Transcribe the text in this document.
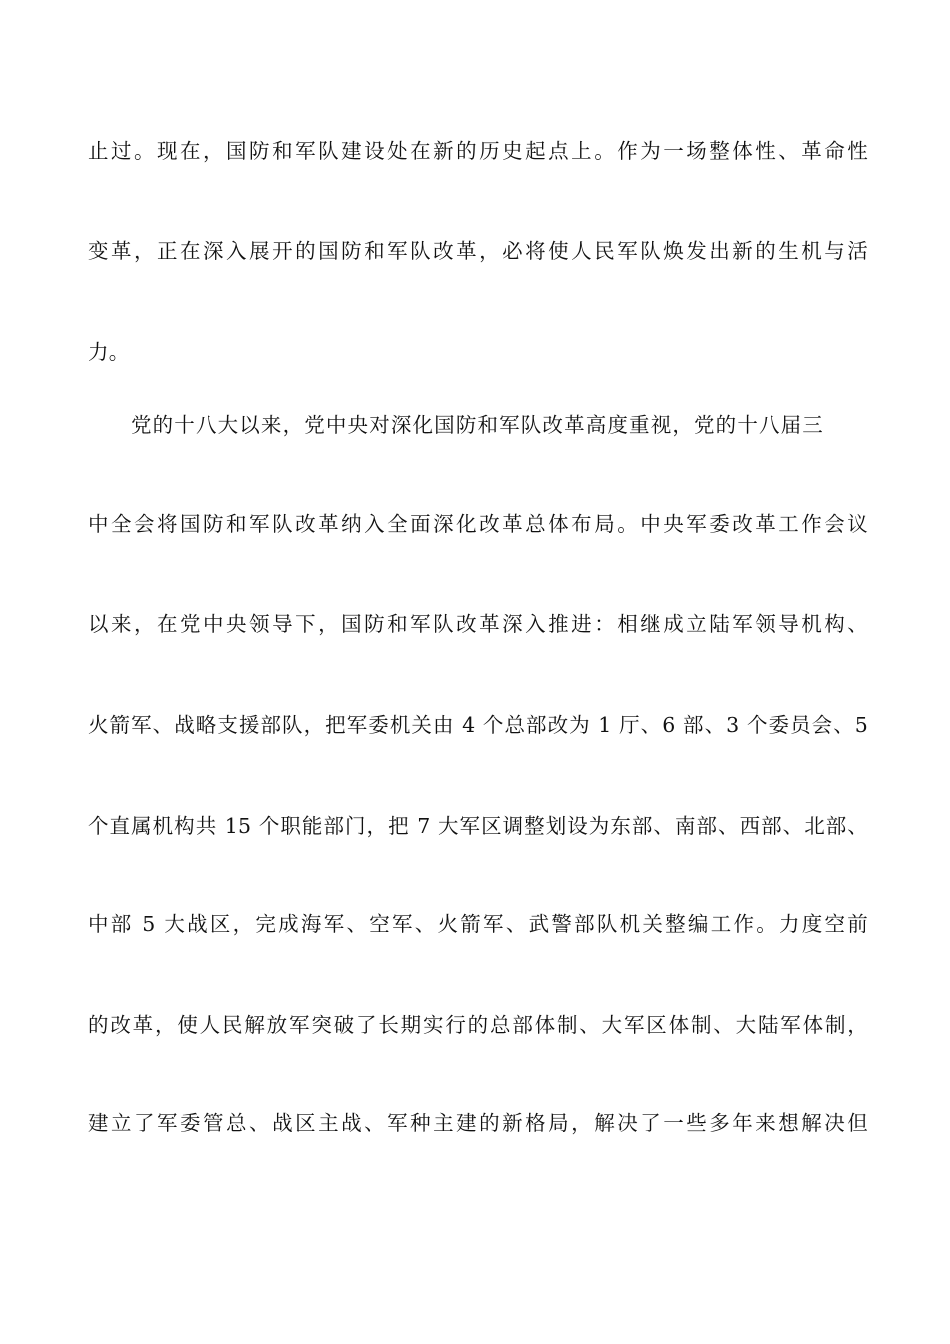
止过。现在，国防和军队建设处在新的历史起点上。作为一场整体性、革命性
变革，正在深入展开的国防和军队改革，必将使人民军队焕发出新的生机与活
力。
党的十八大以来，党中央对深化国防和军队改革高度重视，党的十八届三
中全会将国防和军队改革纳入全面深化改革总体布局。中央军委改革工作会议
以来，在党中央领导下，国防和军队改革深入推进：相继成立陆军领导机构、
火箭军、战略支援部队，把军委机关由 4 个总部改为 1 厅、6 部、3 个委员会、5
个直属机构共 15 个职能部门，把 7 大军区调整划设为东部、南部、西部、北部、
中部 5 大战区，完成海军、空军、火箭军、武警部队机关整编工作。力度空前
的改革，使人民解放军突破了长期实行的总部体制、大军区体制、大陆军体制，
建立了军委管总、战区主战、军种主建的新格局，解决了一些多年来想解决但
